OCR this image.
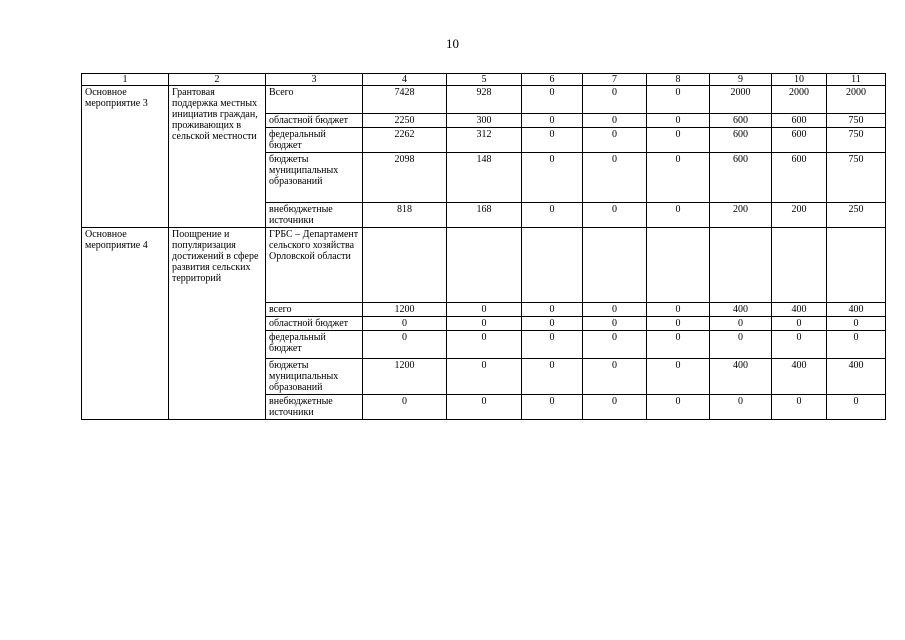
10
1	2	3	4	5	6	7	8	9	10	11
Основное мероприятие 3	Грантовая поддержка местных инициатив граждан, проживающих в сельской местности	Всего	7428	928	0	0	0	2000	2000	2000
		областной бюджет	2250	300	0	0	0	600	600	750
		федеральный бюджет	2262	312	0	0	0	600	600	750
		бюджеты муниципальных образований	2098	148	0	0	0	600	600	750
		внебюджетные источники	818	168	0	0	0	200	200	250
Основное мероприятие 4	Поощрение и популяризация достижений в сфере развития сельских территорий	ГРБС – Департамент сельского хозяйства Орловской области								
		всего	1200	0	0	0	0	400	400	400
		областной бюджет	0	0	0	0	0	0	0	0
		федеральный бюджет	0	0	0	0	0	0	0	0
		бюджеты муниципальных образований	1200	0	0	0	0	400	400	400
		внебюджетные источники	0	0	0	0	0	0	0	0
